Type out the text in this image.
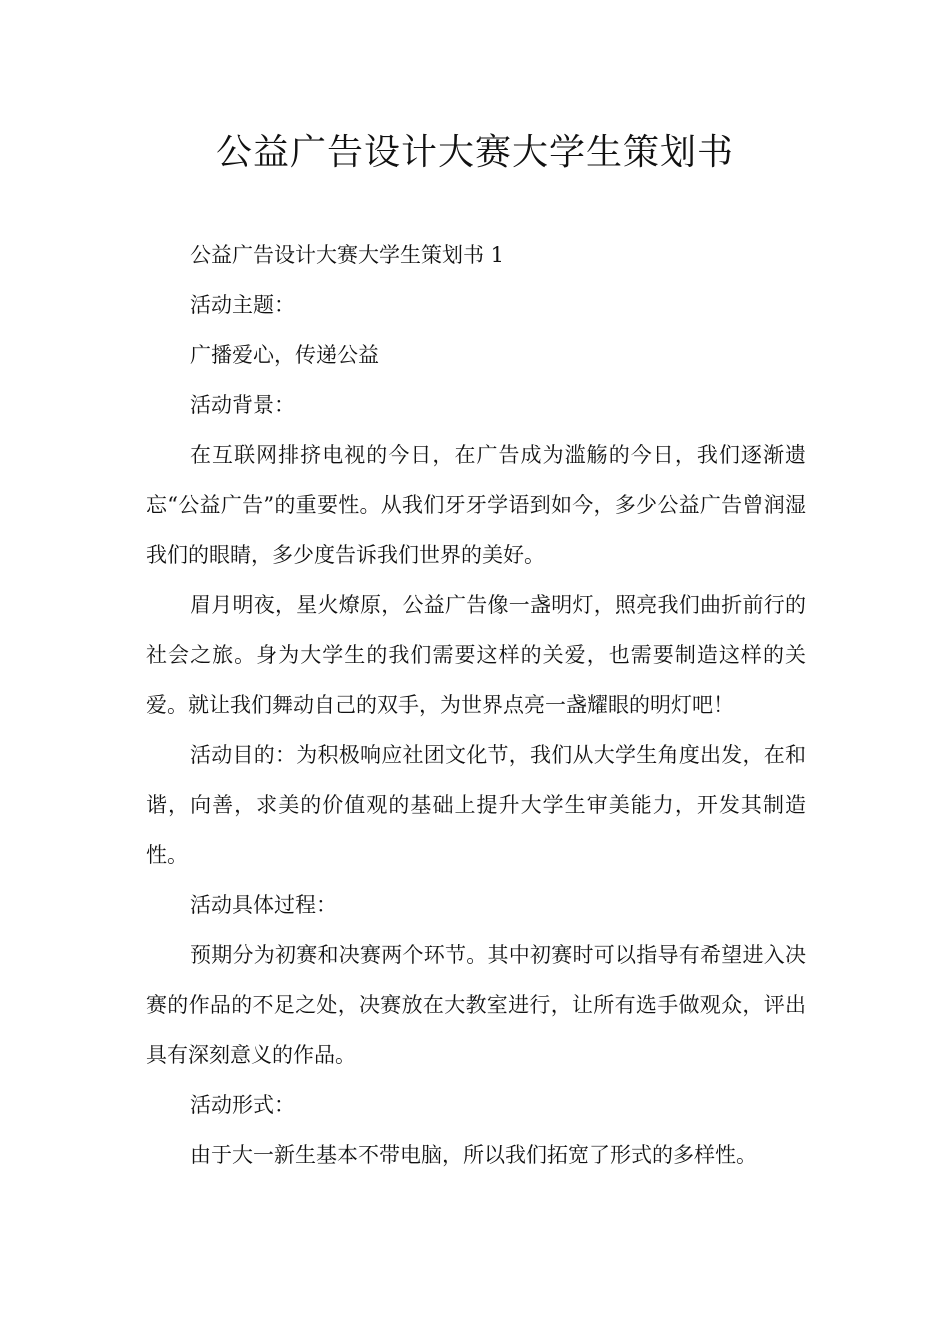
公益广告设计大赛大学生策划书

公益广告设计大赛大学生策划书 1

活动主题：

广播爱心，传递公益

活动背景：

在互联网排挤电视的今日，在广告成为滥觞的今日，我们逐渐遗忘“公益广告”的重要性。从我们牙牙学语到如今，多少公益广告曾润湿我们的眼睛，多少度告诉我们世界的美好。

眉月明夜，星火燎原，公益广告像一盏明灯，照亮我们曲折前行的社会之旅。身为大学生的我们需要这样的关爱，也需要制造这样的关爱。就让我们舞动自己的双手，为世界点亮一盏耀眼的明灯吧！

活动目的：为积极响应社团文化节，我们从大学生角度出发，在和谐，向善，求美的价值观的基础上提升大学生审美能力，开发其制造性。

活动具体过程：

预期分为初赛和决赛两个环节。其中初赛时可以指导有希望进入决赛的作品的不足之处，决赛放在大教室进行，让所有选手做观众，评出具有深刻意义的作品。

活动形式：

由于大一新生基本不带电脑，所以我们拓宽了形式的多样性。
